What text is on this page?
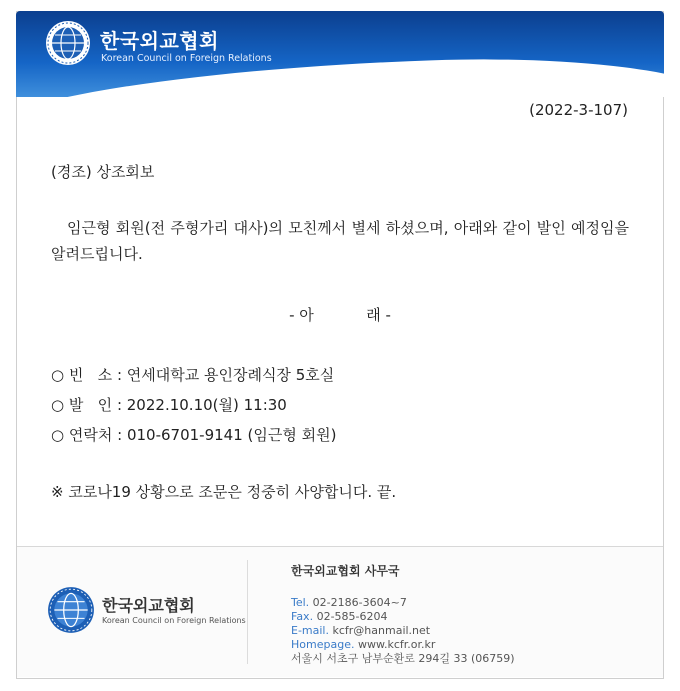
한국외교협회
Korean Council on Foreign Relations
(2022-3-107)
(경조) 상조회보
임근형 회원(전 주형가리 대사)의 모친께서 별세 하셨으며, 아래와 같이 발인 예정임을 알려드립니다.
- 아           래 -
○ 빈   소 : 연세대학교 용인장례식장 5호실
○ 발   인 : 2022.10.10(월) 11:30
○ 연락처 : 010-6701-9141 (임근형 회원)
※ 코로나19 상황으로 조문은 정중히 사양합니다. 끝.
한국외교협회
Korean Council on Foreign Relations
한국외교협회 사무국
Tel. 02-2186-3604~7
Fax. 02-585-6204
E-mail. kcfr@hanmail.net
Homepage. www.kcfr.or.kr
서울시 서초구 남부순환로 294길 33 (06759)
